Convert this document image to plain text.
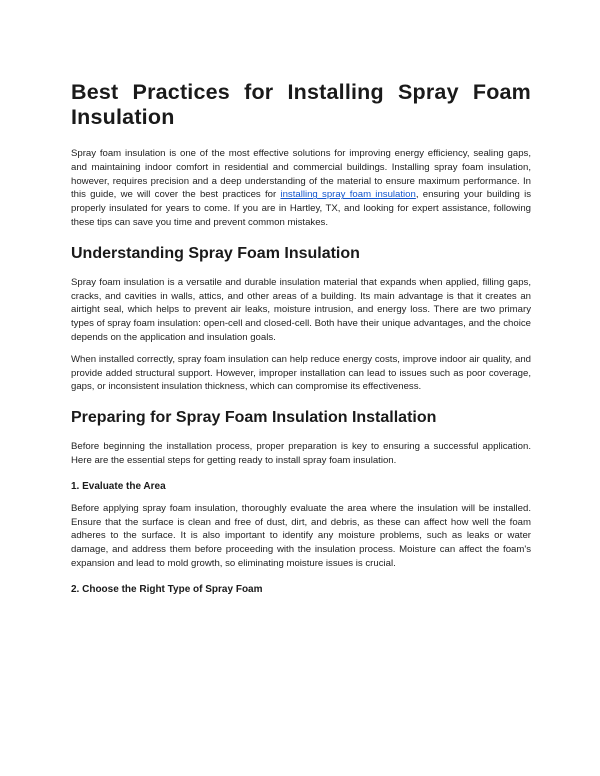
Best Practices for Installing Spray Foam
Insulation

Spray foam insulation is one of the most effective solutions for improving energy efficiency, sealing gaps, and maintaining indoor comfort in residential and commercial buildings. Installing spray foam insulation, however, requires precision and a deep understanding of the material to ensure maximum performance. In this guide, we will cover the best practices for installing spray foam insulation, ensuring your building is properly insulated for years to come. If you are in Hartley, TX, and looking for expert assistance, following these tips can save you time and prevent common mistakes.

Understanding Spray Foam Insulation

Spray foam insulation is a versatile and durable insulation material that expands when applied, filling gaps, cracks, and cavities in walls, attics, and other areas of a building. Its main advantage is that it creates an airtight seal, which helps to prevent air leaks, moisture intrusion, and energy loss. There are two primary types of spray foam insulation: open-cell and closed-cell. Both have their unique advantages, and the choice depends on the application and insulation goals.

When installed correctly, spray foam insulation can help reduce energy costs, improve indoor air quality, and provide added structural support. However, improper installation can lead to issues such as poor coverage, gaps, or inconsistent insulation thickness, which can compromise its effectiveness.

Preparing for Spray Foam Insulation Installation

Before beginning the installation process, proper preparation is key to ensuring a successful application. Here are the essential steps for getting ready to install spray foam insulation.

1. Evaluate the Area

Before applying spray foam insulation, thoroughly evaluate the area where the insulation will be installed. Ensure that the surface is clean and free of dust, dirt, and debris, as these can affect how well the foam adheres to the surface. It is also important to identify any moisture problems, such as leaks or water damage, and address them before proceeding with the insulation process. Moisture can affect the foam's expansion and lead to mold growth, so eliminating moisture issues is crucial.

2. Choose the Right Type of Spray Foam
